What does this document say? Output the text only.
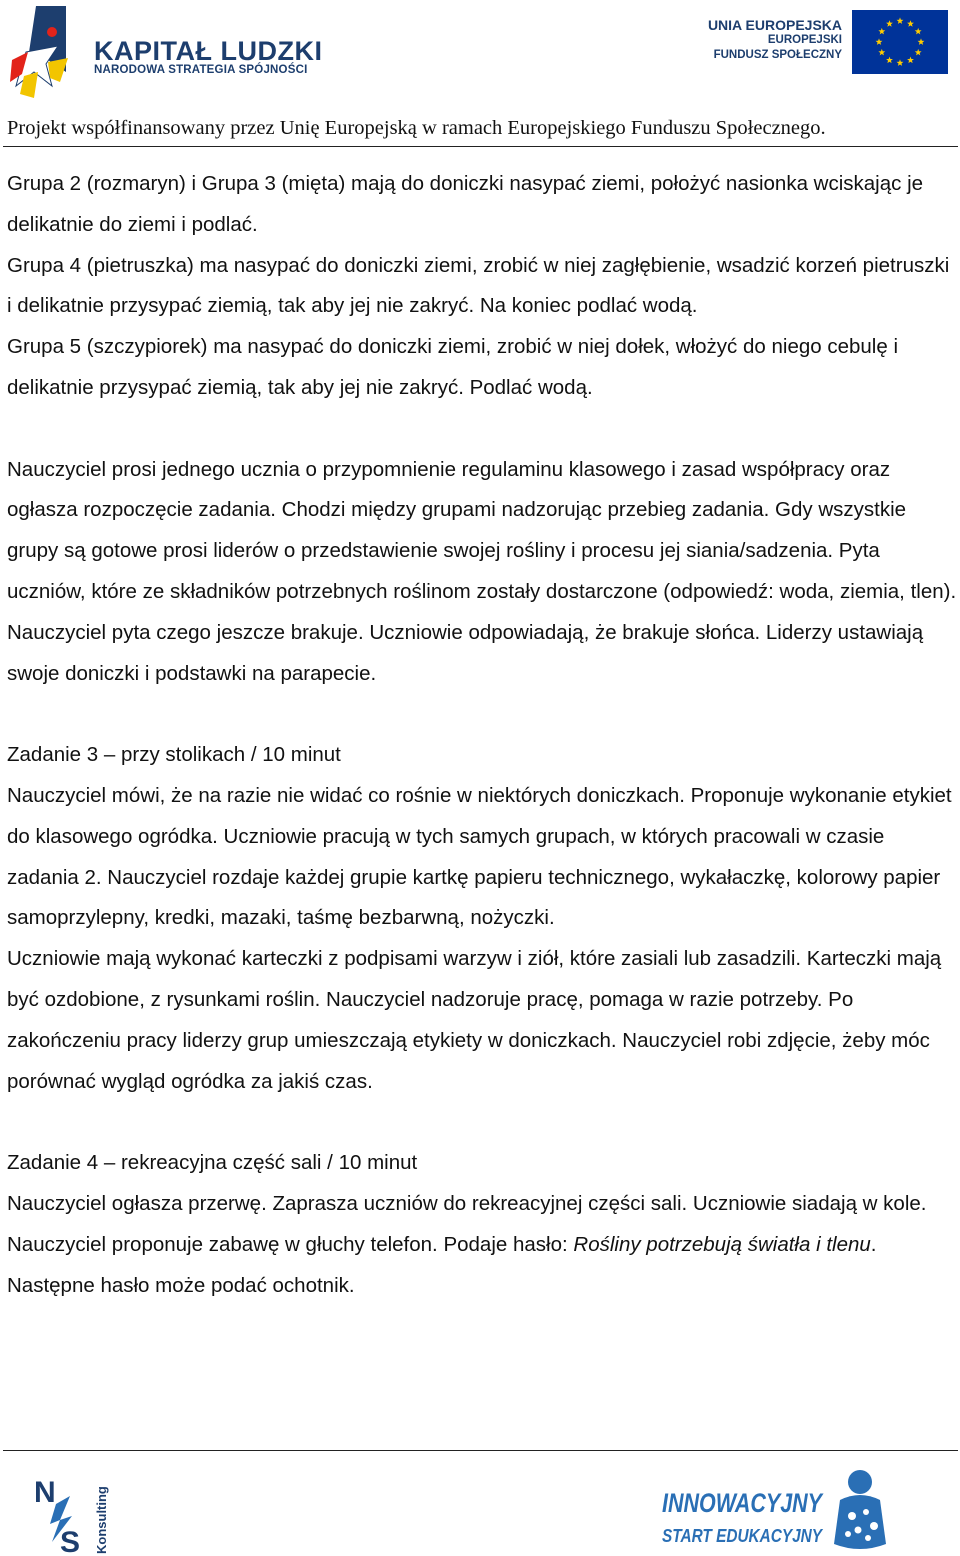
KAPITAŁ LUDZKI
NARODOWA STRATEGIA SPÓJNOŚCI
UNIA EUROPEJSKA
EUROPEJSKI
FUNDUSZ SPOŁECZNY
Projekt współfinansowany przez Unię Europejską w ramach Europejskiego Funduszu Społecznego.

Grupa 2 (rozmaryn) i Grupa 3 (mięta) mają do doniczki nasypać ziemi, położyć nasionka wciskając je delikatnie do ziemi i podlać.

Grupa 4 (pietruszka) ma nasypać do doniczki ziemi, zrobić w niej zagłębienie, wsadzić korzeń pietruszki i delikatnie przysypać ziemią, tak aby jej nie zakryć. Na koniec podlać wodą.

Grupa 5 (szczypiorek) ma nasypać do doniczki ziemi, zrobić w niej dołek, włożyć do niego cebulę i delikatnie przysypać ziemią, tak aby jej nie zakryć. Podlać wodą.

Nauczyciel prosi jednego ucznia o przypomnienie regulaminu klasowego i zasad współpracy oraz ogłasza rozpoczęcie zadania. Chodzi między grupami nadzorując przebieg zadania. Gdy wszystkie grupy są gotowe prosi liderów o przedstawienie swojej rośliny i procesu jej siania/sadzenia. Pyta uczniów, które ze składników potrzebnych roślinom zostały dostarczone (odpowiedź: woda, ziemia, tlen). Nauczyciel pyta czego jeszcze brakuje. Uczniowie odpowiadają, że brakuje słońca. Liderzy ustawiają swoje doniczki i podstawki na parapecie.

Zadanie 3 – przy stolikach / 10 minut

Nauczyciel mówi, że na razie nie widać co rośnie w niektórych doniczkach. Proponuje wykonanie etykiet do klasowego ogródka. Uczniowie pracują w tych samych grupach, w których pracowali w czasie zadania 2. Nauczyciel rozdaje każdej grupie kartkę papieru technicznego, wykałaczkę, kolorowy papier samoprzylepny, kredki, mazaki, taśmę bezbarwną, nożyczki.

Uczniowie mają wykonać karteczki z podpisami warzyw i ziół, które zasiali lub zasadzili. Karteczki mają być ozdobione, z rysunkami roślin. Nauczyciel nadzoruje pracę, pomaga w razie potrzeby. Po zakończeniu pracy liderzy grup umieszczają etykiety w doniczkach. Nauczyciel robi zdjęcie, żeby móc porównać wygląd ogródka za jakiś czas.

Zadanie 4 – rekreacyjna część sali / 10 minut

Nauczyciel ogłasza przerwę. Zaprasza uczniów do rekreacyjnej części sali. Uczniowie siadają w kole. Nauczyciel proponuje zabawę w głuchy telefon. Podaje hasło: Rośliny potrzebują światła i tlenu. Następne hasło może podać ochotnik.

N
S Konsulting	INNOWACYJNY
START EDUKACYJNY
